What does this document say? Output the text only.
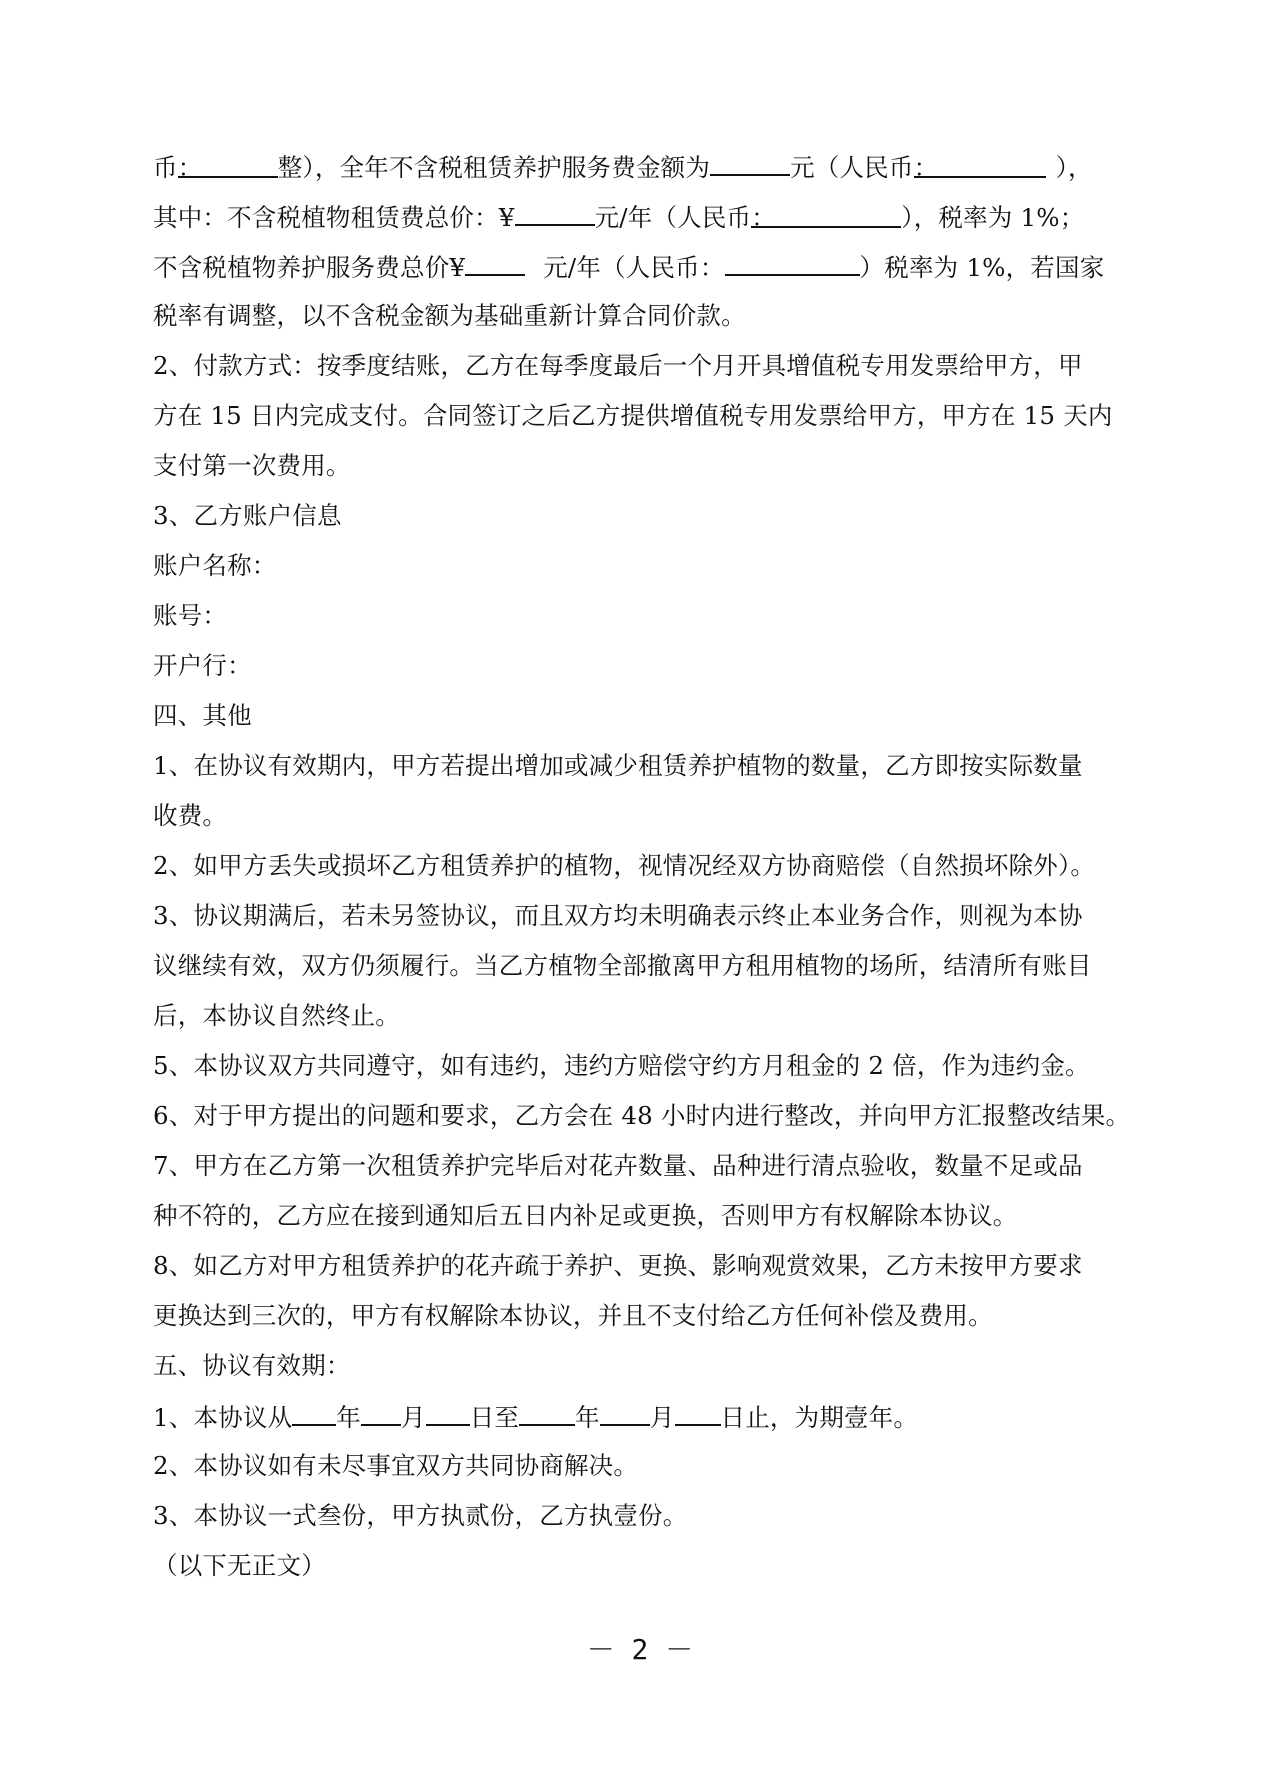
币：	整），全年不含税租赁养护服务费金额为	元（人民币：	），
其中：不含税植物租赁费总价：¥	元/年（人民币：	），税率为 1%；
不含税植物养护服务费总价¥	元/年（人民币：	）税率为 1%，若国家
税率有调整，以不含税金额为基础重新计算合同价款。
2、付款方式：按季度结账，乙方在每季度最后一个月开具增值税专用发票给甲方，甲
方在 15 日内完成支付。合同签订之后乙方提供增值税专用发票给甲方，甲方在 15 天内
支付第一次费用。
3、乙方账户信息
账户名称：
账号：
开户行：
四、其他
1、在协议有效期内，甲方若提出增加或减少租赁养护植物的数量，乙方即按实际数量
收费。
2、如甲方丢失或损坏乙方租赁养护的植物，视情况经双方协商赔偿（自然损坏除外）。
3、协议期满后，若未另签协议，而且双方均未明确表示终止本业务合作，则视为本协
议继续有效，双方仍须履行。当乙方植物全部撤离甲方租用植物的场所，结清所有账目
后，本协议自然终止。
5、本协议双方共同遵守，如有违约，违约方赔偿守约方月租金的 2 倍，作为违约金。
6、对于甲方提出的问题和要求，乙方会在 48 小时内进行整改，并向甲方汇报整改结果。
7、甲方在乙方第一次租赁养护完毕后对花卉数量、品种进行清点验收，数量不足或品
种不符的，乙方应在接到通知后五日内补足或更换，否则甲方有权解除本协议。
8、如乙方对甲方租赁养护的花卉疏于养护、更换、影响观赏效果，乙方未按甲方要求
更换达到三次的，甲方有权解除本协议，并且不支付给乙方任何补偿及费用。
五、协议有效期：
1、本协议从 年 月 日至 年 月 日止，为期壹年。
2、本协议如有未尽事宜双方共同协商解决。
3、本协议一式叁份，甲方执贰份，乙方执壹份。
（以下无正文）
－ 2 －
